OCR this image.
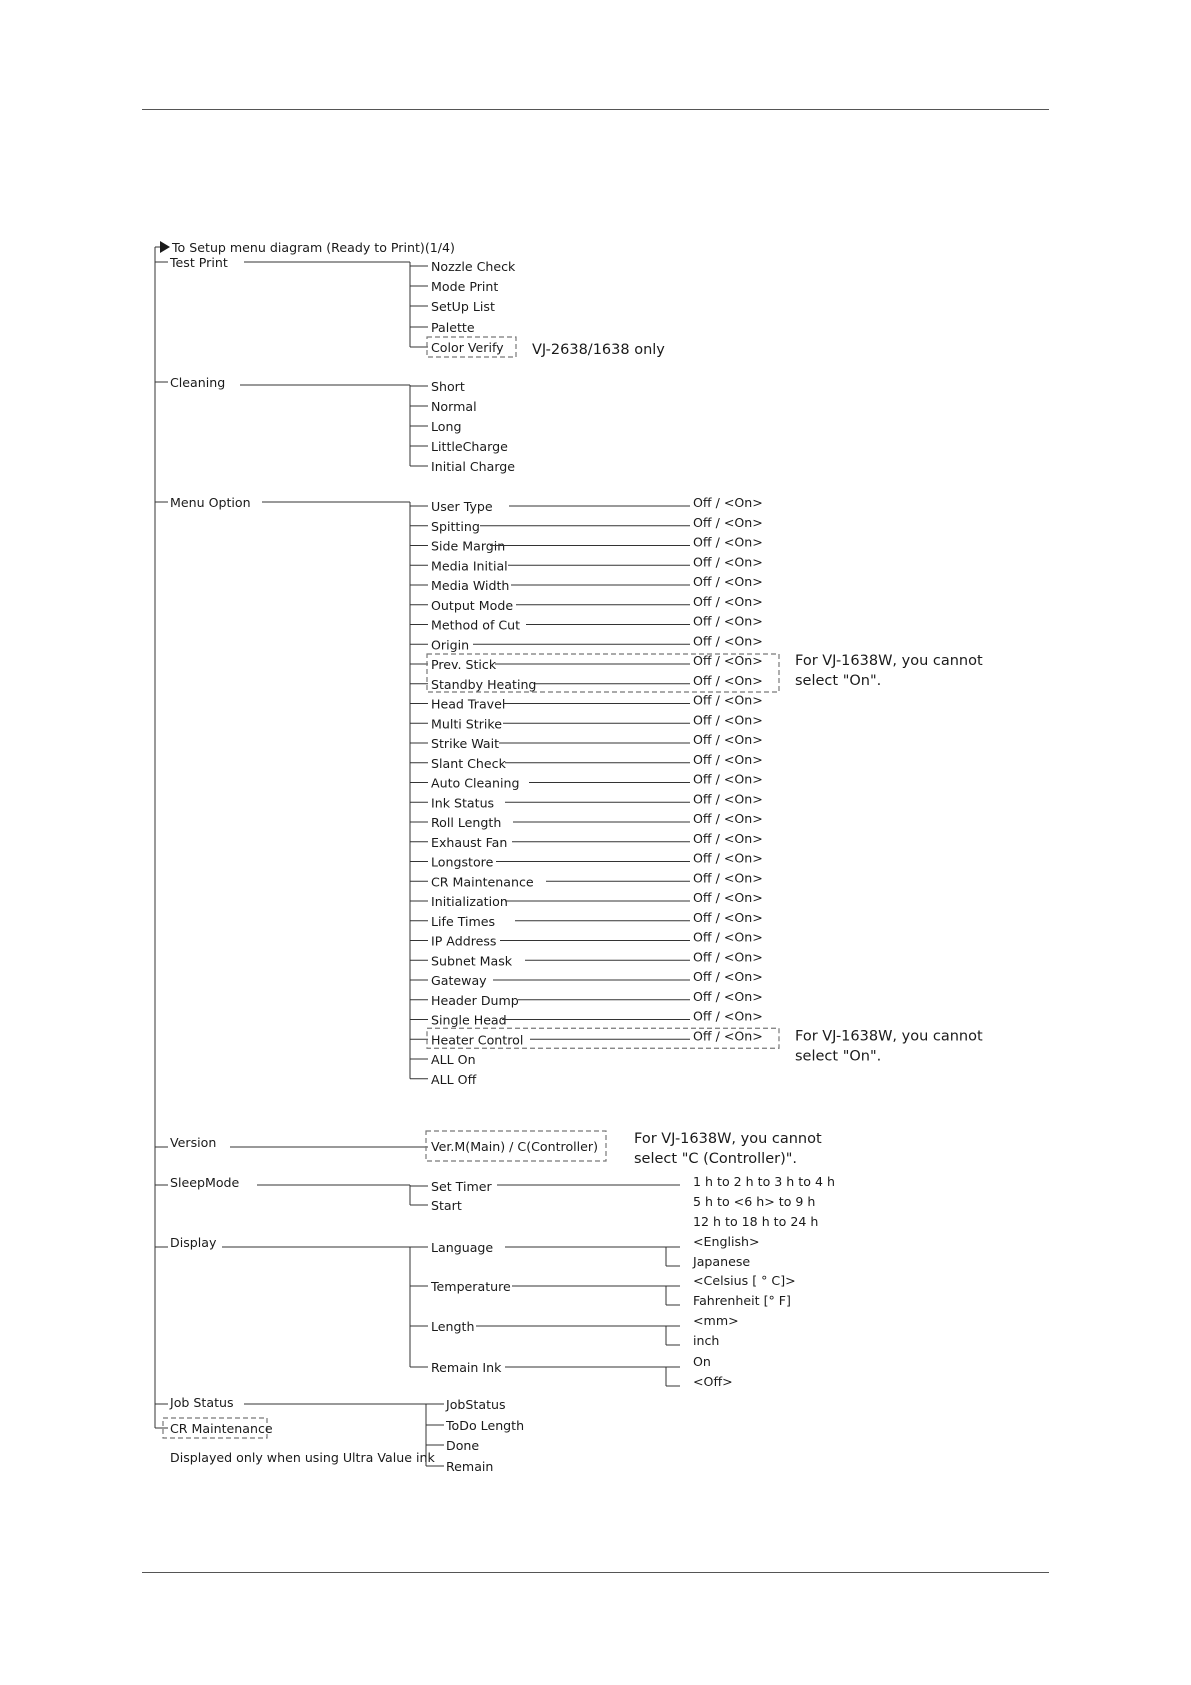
To Setup menu diagram (Ready to Print)(1/4)
Test Print	Nozzle Check
Mode Print
SetUp List
Palette
Color Verify VJ-2638/1638 only
Cleaning	Short
Normal
Long
LittleCharge
Initial Charge
Menu Option	User Type	Off / <On>
Spitting	Off / <On>
Side Margin	Off / <On>
Media Initial	Off / <On>
Media Width	Off / <On>
Output Mode	Off / <On>
Method of Cut	Off / <On>
Origin	Off / <On>
Prev. Stick	Off / <On>
Standby Heating	Off / <On>
Head Travel	Off / <On>
Multi Strike	Off / <On>
Strike Wait	Off / <On>
Slant Check	Off / <On>
Auto Cleaning	Off / <On>
Ink Status	Off / <On>
Roll Length	Off / <On>
Exhaust Fan	Off / <On>
Longstore	Off / <On>
CR Maintenance	Off / <On>
Initialization	Off / <On>
Life Times	Off / <On>
IP Address	Off / <On>
Subnet Mask	Off / <On>
Gateway	Off / <On>
Header Dump	Off / <On>
Single Head	Off / <On>
Heater Control	Off / <On>
ALL On
ALL Off
For VJ-1638W, you cannot
select "On".
For VJ-1638W, you cannot
select "On".
Version	Ver.M(Main) / C(Controller) For VJ-1638W, you cannot
select "C (Controller)".
SleepMode	Set Timer
Start
1 h to 2 h to 3 h to 4 h
5 h to <6 h> to 9 h
12 h to 18 h to 24 h
Display	Language	<English>
Japanese
Temperature	<Celsius [ ° C]>
Fahrenheit [° F]
Length	<mm>
inch
Remain Ink	On
<Off>
Job Status	JobStatus
ToDo Length
Done
Remain
CR Maintenance
Displayed only when using Ultra Value ink
